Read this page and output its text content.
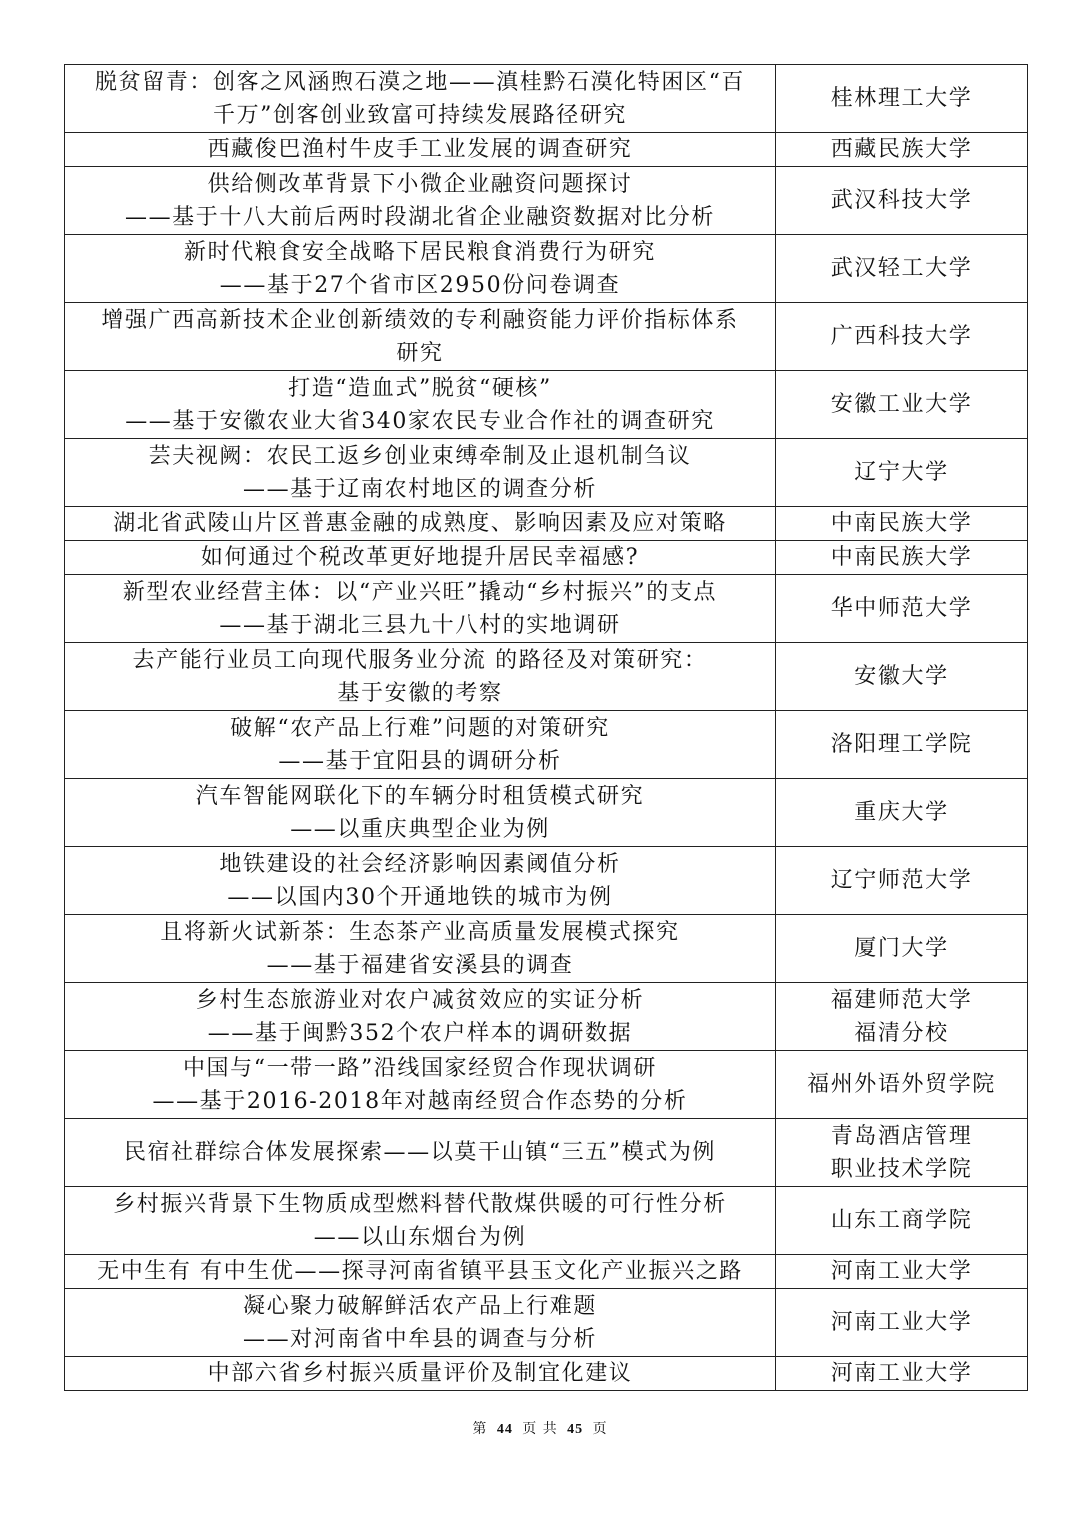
脱贫留青：创客之风涵煦石漠之地——滇桂黔石漠化特困区“百
千万”创客创业致富可持续发展路径研究	桂林理工大学

西藏俊巴渔村牛皮手工业发展的调查研究	西藏民族大学

供给侧改革背景下小微企业融资问题探讨
——基于十八大前后两时段湖北省企业融资数据对比分析	武汉科技大学

新时代粮食安全战略下居民粮食消费行为研究
——基于27个省市区2950份问卷调查	武汉轻工大学

增强广西高新技术企业创新绩效的专利融资能力评价指标体系
研究	广西科技大学

打造“造血式”脱贫“硬核”
——基于安徽农业大省340家农民专业合作社的调查研究	安徽工业大学

芸夫视阙：农民工返乡创业束缚牵制及止退机制刍议
——基于辽南农村地区的调查分析	辽宁大学

湖北省武陵山片区普惠金融的成熟度、影响因素及应对策略	中南民族大学

如何通过个税改革更好地提升居民幸福感?	中南民族大学

新型农业经营主体：以“产业兴旺”撬动“乡村振兴”的支点
——基于湖北三县九十八村的实地调研	华中师范大学

去产能行业员工向现代服务业分流 的路径及对策研究：
基于安徽的考察	安徽大学

破解“农产品上行难”问题的对策研究
——基于宜阳县的调研分析	洛阳理工学院

汽车智能网联化下的车辆分时租赁模式研究
——以重庆典型企业为例	重庆大学

地铁建设的社会经济影响因素阈值分析
——以国内30个开通地铁的城市为例	辽宁师范大学

且将新火试新茶：生态茶产业高质量发展模式探究
——基于福建省安溪县的调查	厦门大学

乡村生态旅游业对农户减贫效应的实证分析
——基于闽黔352个农户样本的调研数据	福建师范大学
福清分校

中国与“一带一路”沿线国家经贸合作现状调研
——基于2016-2018年对越南经贸合作态势的分析	福州外语外贸学院

民宿社群综合体发展探索——以莫干山镇“三五”模式为例	青岛酒店管理
职业技术学院

乡村振兴背景下生物质成型燃料替代散煤供暖的可行性分析
——以山东烟台为例	山东工商学院

无中生有 有中生优——探寻河南省镇平县玉文化产业振兴之路	河南工业大学

凝心聚力破解鲜活农产品上行难题
——对河南省中牟县的调查与分析	河南工业大学

中部六省乡村振兴质量评价及制宜化建议	河南工业大学
第 44 页 共 45 页
